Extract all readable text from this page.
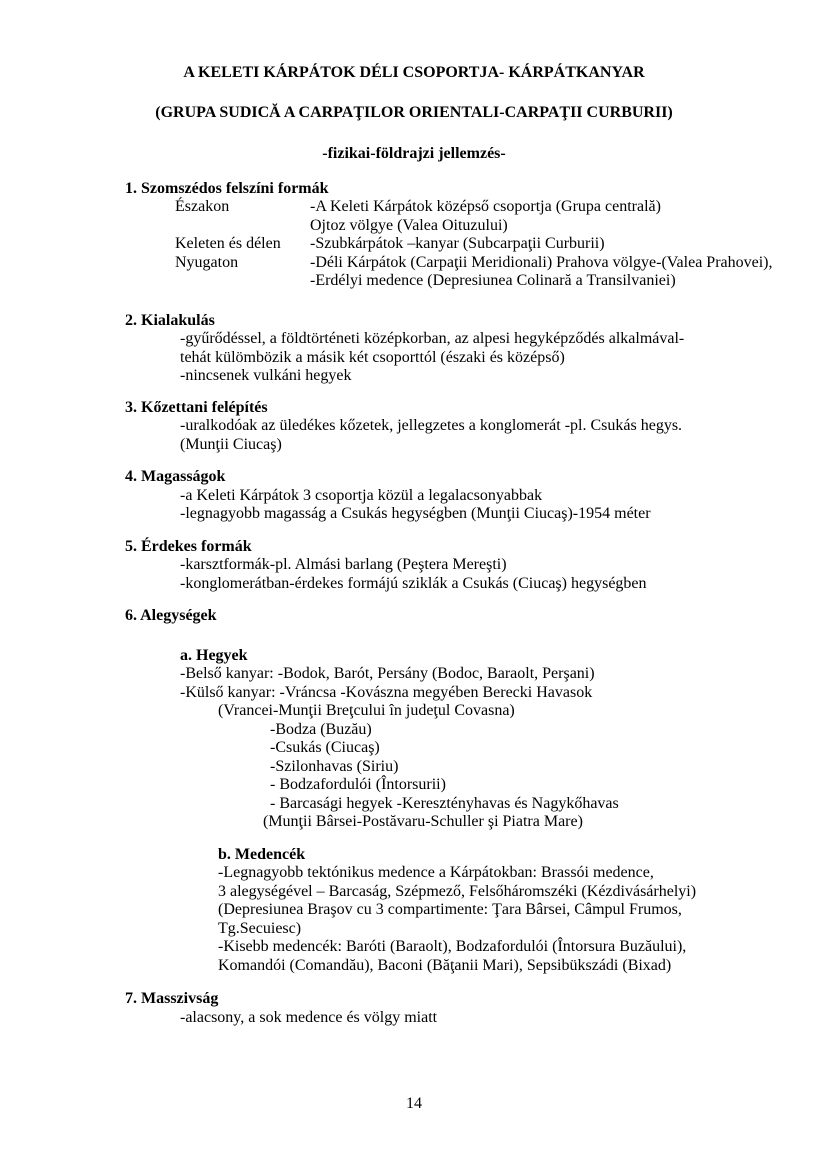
A KELETI KÁRPÁTOK DÉLI CSOPORTJA- KÁRPÁTKANYAR
(GRUPA SUDICĂ A CARPAŢILOR ORIENTALI-CARPAŢII CURBURII)
-fizikai-földrajzi jellemzés-
1. Szomszédos felszíni formák
Északon	-A Keleti Kárpátok középső csoportja (Grupa centrală)
Ojtoz völgye (Valea Oituzului)
Keleten és délen	-Szubkárpátok –kanyar (Subcarpaţii Curburii)
Nyugaton	-Déli Kárpátok (Carpaţii Meridionali) Prahova völgye-(Valea Prahovei),
-Erdélyi medence (Depresiunea Colinară a Transilvaniei)
2. Kialakulás
-gyűrődéssel, a földtörténeti középkorban, az alpesi hegyképződés alkalmával-
tehát külömbözik a másik két csoporttól (északi és középső)
-nincsenek vulkáni hegyek
3. Kőzettani felépítés
-uralkodóak az üledékes kőzetek, jellegzetes a konglomerát -pl. Csukás hegys.
(Munţii Ciucaş)
4. Magasságok
-a Keleti Kárpátok 3 csoportja közül a legalacsonyabbak
-legnagyobb magasság a Csukás hegységben (Munţii Ciucaş)-1954 méter
5. Érdekes formák
-karsztformák-pl. Almási barlang (Peştera Mereşti)
-konglomerátban-érdekes formájú sziklák a Csukás (Ciucaş) hegységben
6. Alegységek
a. Hegyek
-Belső kanyar: -Bodok, Barót, Persány (Bodoc, Baraolt, Perşani)
-Külső kanyar: -Vráncsa -Kovászna megyében Berecki Havasok
(Vrancei-Munţii Breţcului în judeţul Covasna)
-Bodza (Buzău)
-Csukás (Ciucaş)
-Szilonhavas (Siriu)
- Bodzafordulói (Întorsurii)
- Barcasági hegyek -Keresztényhavas és Nagykőhavas
(Munţii Bârsei-Postăvaru-Schuller şi Piatra Mare)
b. Medencék
-Legnagyobb tektónikus medence a Kárpátokban: Brassói medence,
3 alegységével – Barcaság, Szépmező, Felsőháromszéki (Kézdivásárhelyi)
(Depresiunea Braşov cu 3 compartimente: Ţara Bârsei, Câmpul Frumos,
Tg.Secuiesc)
-Kisebb medencék: Baróti (Baraolt), Bodzafordulói (Întorsura Buzăului),
Komandói (Comandău), Baconi (Băţanii Mari), Sepsibükszádi (Bixad)
7. Masszivság
-alacsony, a sok medence és völgy miatt
14
